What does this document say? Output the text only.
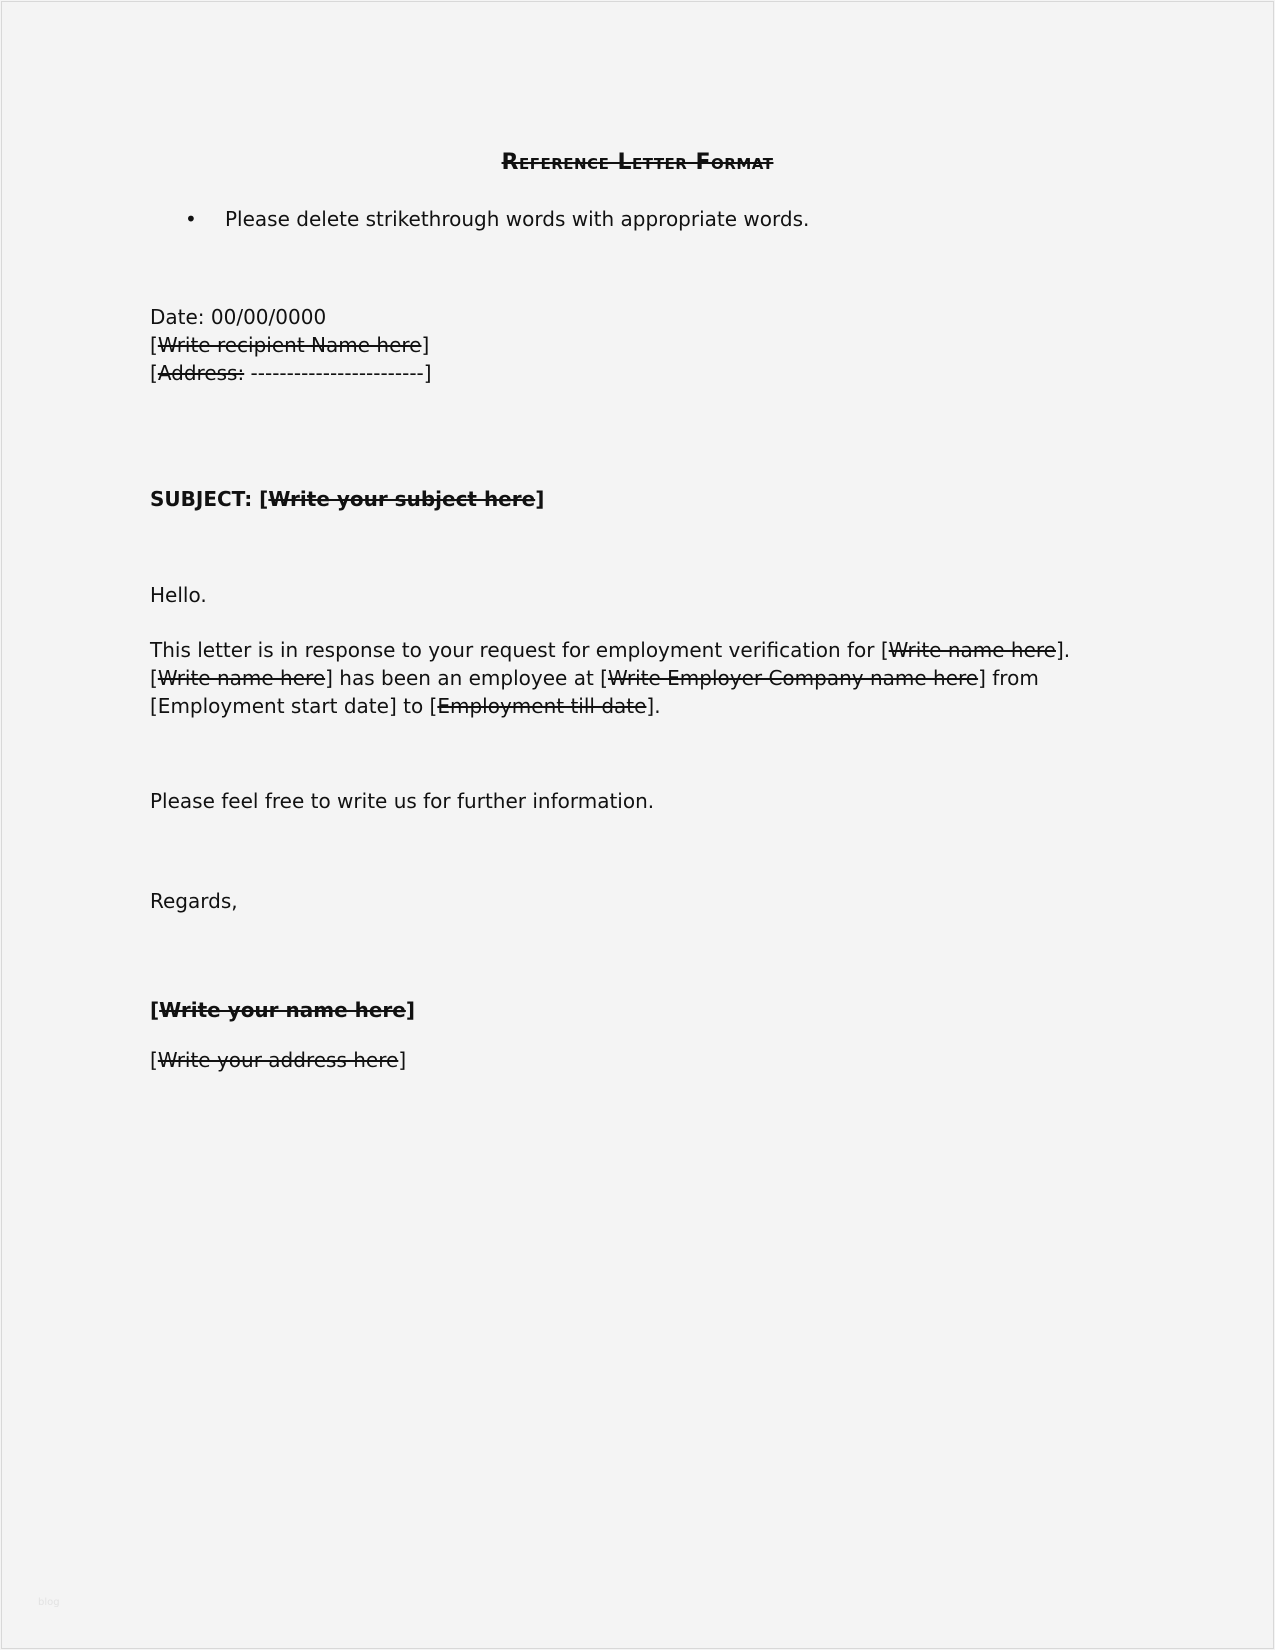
Reference Letter Format
• Please delete strikethrough words with appropriate words.
Date: 00/00/0000
[Write recipient Name here]
[Address: ------------------------]
SUBJECT: [Write your subject here]
Hello.
This letter is in response to your request for employment verification for [Write name here].
[Write name here] has been an employee at [Write Employer Company name here] from
[Employment start date] to [Employment till date].
Please feel free to write us for further information.
Regards,
[Write your name here]
[Write your address here]
blog
